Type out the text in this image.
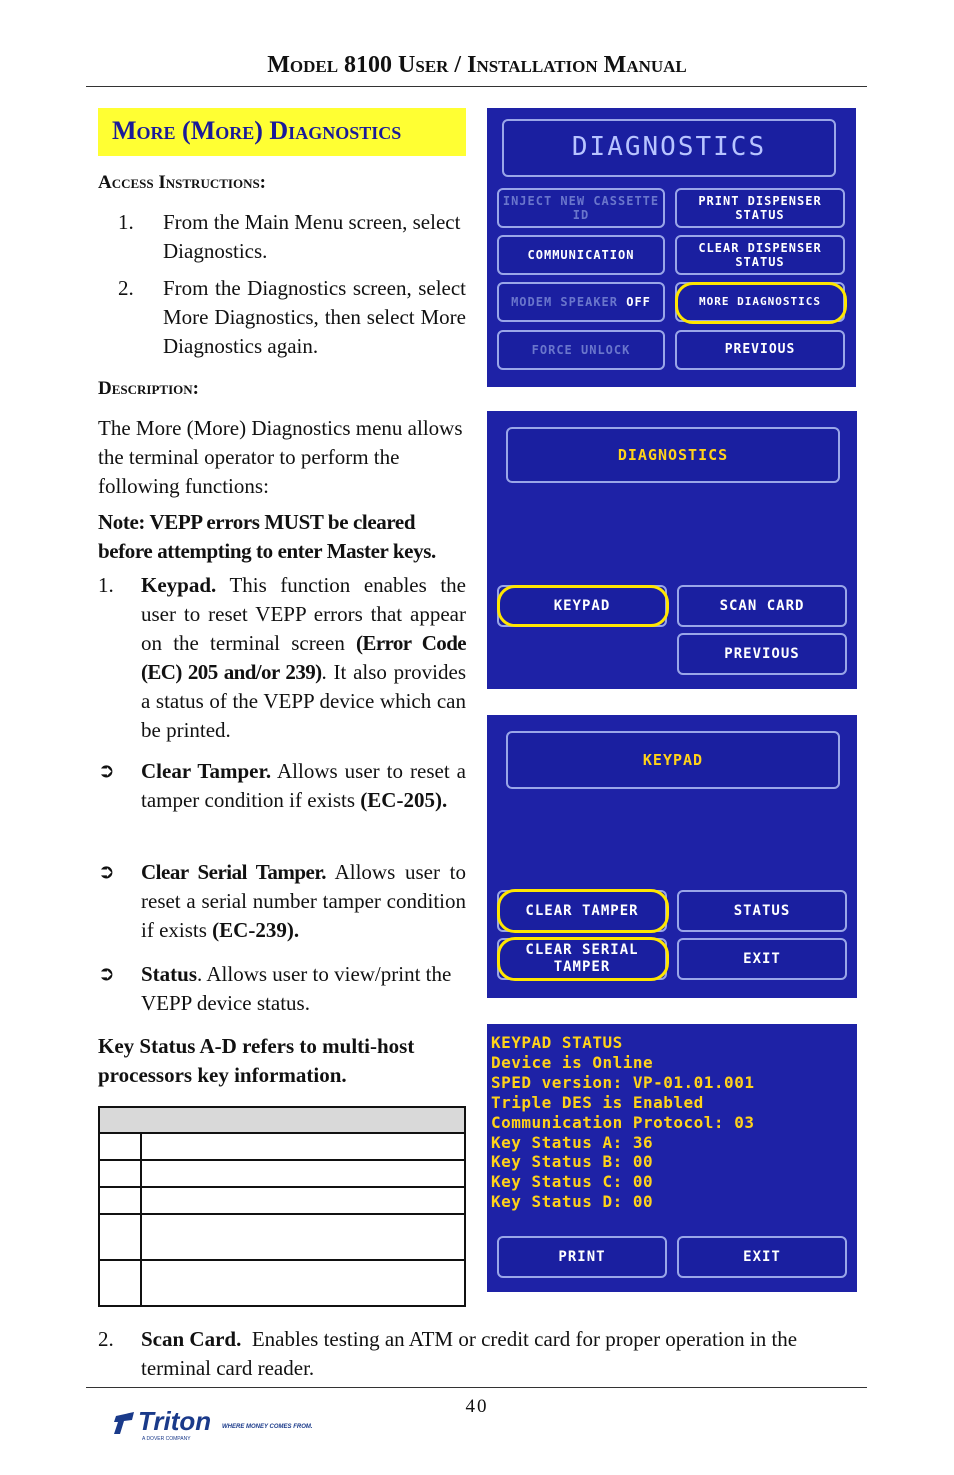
Model 8100 User / Installation Manual
More (More) Diagnostics
Access Instructions:
1. From the Main Menu screen, select Diagnostics.
2. From the Diagnostics screen, select More Diagnostics, then select More Diagnostics again.
Description:
The More (More) Diagnostics menu allows the terminal operator to perform the following functions:
Note: VEPP errors MUST be cleared before attempting to enter Master keys.
1. Keypad. This function enables the user to reset VEPP errors that appear on the terminal screen (Error Code (EC) 205 and/or 239). It also provides a status of the VEPP device which can be printed.
➲ Clear Tamper. Allows user to reset a tamper condition if exists (EC-205).
➲ Clear Serial Tamper. Allows user to reset a serial number tamper condition if exists (EC-239).
➲ Status. Allows user to view/print the VEPP device status.
Key Status A-D refers to multi-host processors key information.

2. Scan Card. Enables testing an ATM or credit card for proper operation in the terminal card reader.
DIAGNOSTICS
INJECT NEW CASSETTE ID
PRINT DISPENSER STATUS
COMMUNICATION
CLEAR DISPENSER STATUS
MODEM SPEAKER
OFF	MORE DIAGNOSTICS
FORCE UNLOCK	PREVIOUS
DIAGNOSTICS
KEYPAD	SCAN CARD
PREVIOUS
KEYPAD
CLEAR TAMPER	STATUS
CLEAR SERIAL TAMPER
EXIT
KEYPAD STATUS
Device is Online
SPED version: VP-01.01.001
Triple DES is Enabled
Communication Protocol: 03
Key Status A: 36
Key Status B: 00
Key Status C: 00
Key Status D: 00
PRINT	EXIT
40
Triton WHERE MONEY COMES FROM.
A DOVER COMPANY
